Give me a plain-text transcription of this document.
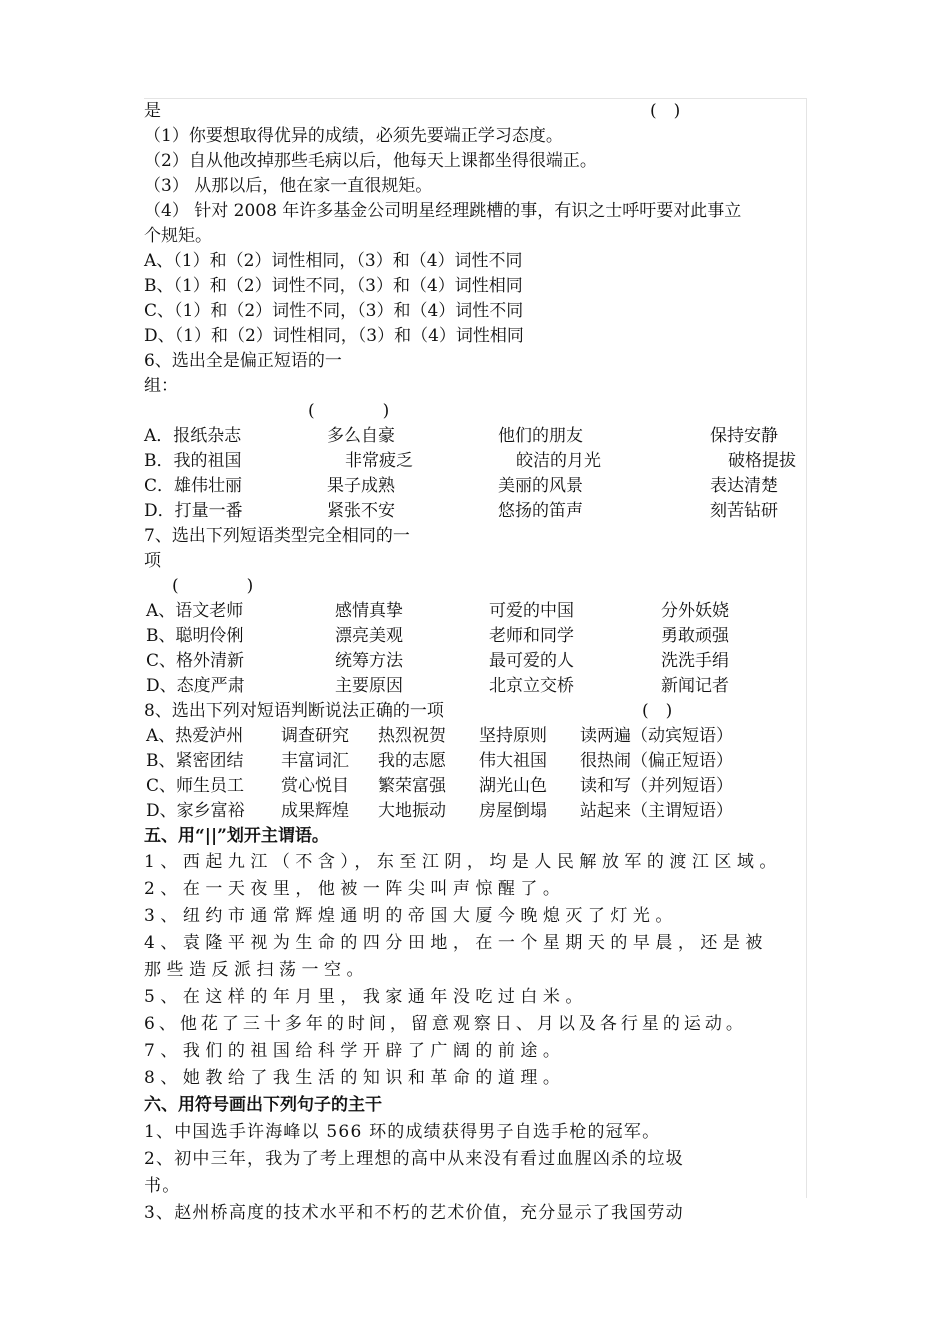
是	(　)
（1）你要想取得优异的成绩，必须先要端正学习态度。
（2）自从他改掉那些毛病以后，他每天上课都坐得很端正。
（3） 从那以后，他在家一直很规矩。
（4） 针对 2008 年许多基金公司明星经理跳槽的事，有识之士呼吁要对此事立
个规矩。
A、（1）和（2）词性相同，（3）和（4）词性不同
B、（1）和（2）词性不同，（3）和（4）词性相同
C、（1）和（2）词性不同，（3）和（4）词性不同
D、（1）和（2）词性相同，（3）和（4）词性相同
6、选出全是偏正短语的一
组：
(　　　　)
A．报纸杂志	多么自豪	他们的朋友	保持安静
B．我的祖国	非常疲乏	皎洁的月光	破格提拔
C．雄伟壮丽	果子成熟	美丽的风景	表达清楚
D．打量一番	紧张不安	悠扬的笛声	刻苦钻研
7、选出下列短语类型完全相同的一
项
(　　　　)
A、语文老师	感情真挚	可爱的中国	分外妖娆
B、聪明伶俐	漂亮美观	老师和同学	勇敢顽强
C、格外清新	统筹方法	最可爱的人	洗洗手绢
D、态度严肃	主要原因	北京立交桥	新闻记者
8、选出下列对短语判断说法正确的一项	(　)
A、热爱泸州 调查研究 热烈祝贺 坚持原则 读两遍（动宾短语）
B、紧密团结 丰富词汇 我的志愿 伟大祖国 很热闹（偏正短语）
C、师生员工 赏心悦目 繁荣富强 湖光山色 读和写（并列短语）
D、家乡富裕 成果辉煌 大地振动 房屋倒塌 站起来（主谓短语）
五、用“||”划开主谓语。
1、西起九江（不含），东至江阴，均是人民解放军的渡江区域。
2、在一天夜里，他被一阵尖叫声惊醒了。
3、纽约市通常辉煌通明的帝国大厦今晚熄灭了灯光。
4、袁隆平视为生命的四分田地，在一个星期天的早晨，还是被
那些造反派扫荡一空。
5、在这样的年月里，我家通年没吃过白米。
6、他花了三十多年的时间，留意观察日、月以及各行星的运动。
7、我们的祖国给科学开辟了广阔的前途。
8、她教给了我生活的知识和革命的道理。
六、用符号画出下列句子的主干
1、中国选手许海峰以 566 环的成绩获得男子自选手枪的冠军。
2、初中三年，我为了考上理想的高中从来没有看过血腥凶杀的垃圾
书。
3、赵州桥高度的技术水平和不朽的艺术价值，充分显示了我国劳动
